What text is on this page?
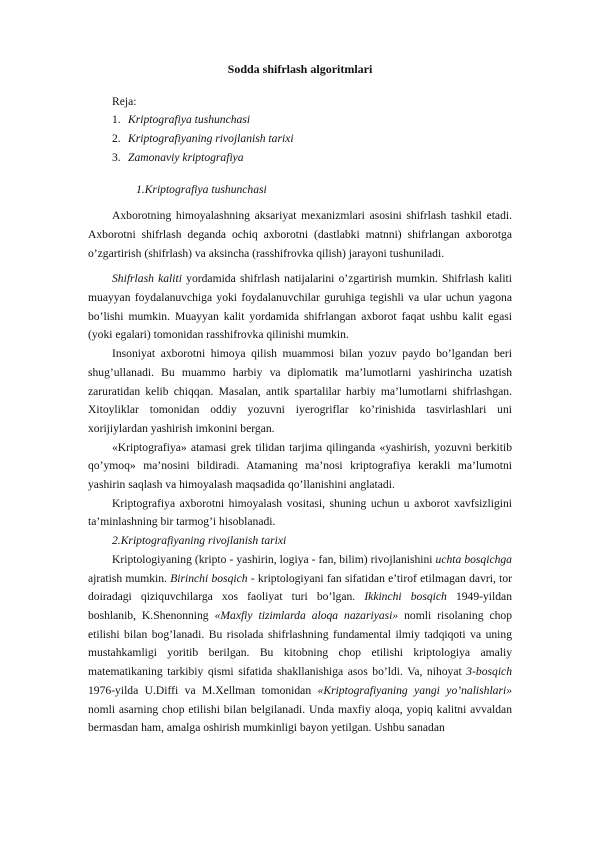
Sodda shifrlash algoritmlari
Reja:
1. Kriptografiya tushunchasi
2. Kriptografiyaning rivojlanish tarixi
3. Zamonaviy kriptografiya
1.Kriptografiya tushunchasi

Axborotning himoyalashning aksariyat mexanizmlari asosini shifrlash tashkil etadi. Axborotni shifrlash deganda ochiq axborotni (dastlabki matnni) shifrlangan axborotga o’zgartirish (shifrlash) va aksincha (rasshifrovka qilish) jarayoni tushuniladi.

Shifrlash kaliti yordamida shifrlash natijalarini o’zgartirish mumkin. Shifrlash kaliti muayyan foydalanuvchiga yoki foydalanuvchilar guruhiga tegishli va ular uchun yagona bo’lishi mumkin. Muayyan kalit yordamida shifrlangan axborot faqat ushbu kalit egasi (yoki egalari) tomonidan rasshifrovka qilinishi mumkin.

Insoniyat axborotni himoya qilish muammosi bilan yozuv paydo bo’lgandan beri shug’ullanadi. Bu muammo harbiy va diplomatik ma’lumotlarni yashirincha uzatish zaruratidan kelib chiqqan. Masalan, antik spartalilar harbiy ma’lumotlarni shifrlashgan. Xitoyliklar tomonidan oddiy yozuvni iyerogriflar ko’rinishida tasvirlashlari uni xorijiylardan yashirish imkonini bergan.

«Kriptografiya» atamasi grek tilidan tarjima qilinganda «yashirish, yozuvni berkitib qo’ymoq» ma’nosini bildiradi. Atamaning ma’nosi kriptografiya kerakli ma’lumotni yashirin saqlash va himoyalash maqsadida qo’llanishini anglatadi.

Kriptografiya axborotni himoyalash vositasi, shuning uchun u axborot xavfsizligini ta’minlashning bir tarmog’i hisoblanadi.

2.Kriptografiyaning rivojlanish tarixi

Kriptologiyaning (kripto - yashirin, logiya - fan, bilim) rivojlanishini uchta bosqichga ajratish mumkin. Birinchi bosqich - kriptologiyani fan sifatidan e’tirof etilmagan davri, tor doiradagi qiziquvchilarga xos faoliyat turi bo’lgan. Ikkinchi bosqich 1949-yildan boshlanib, K.Shenonning «Maxfiy tizimlarda aloqa nazariyasi» nomli risolaning chop etilishi bilan bog’lanadi. Bu risolada shifrlashning fundamental ilmiy tadqiqoti va uning mustahkamligi yoritib berilgan. Bu kitobning chop etilishi kriptologiya amaliy matematikaning tarkibiy qismi sifatida shakllanishiga asos bo’ldi. Va, nihoyat 3-bosqich 1976-yilda U.Diffi va M.Xellman tomonidan «Kriptografiyaning yangi yo’nalishlari» nomli asarning chop etilishi bilan belgilanadi. Unda maxfiy aloqa, yopiq kalitni avvaldan bermasdan ham, amalga oshirish mumkinligi bayon yetilgan. Ushbu sanadan
